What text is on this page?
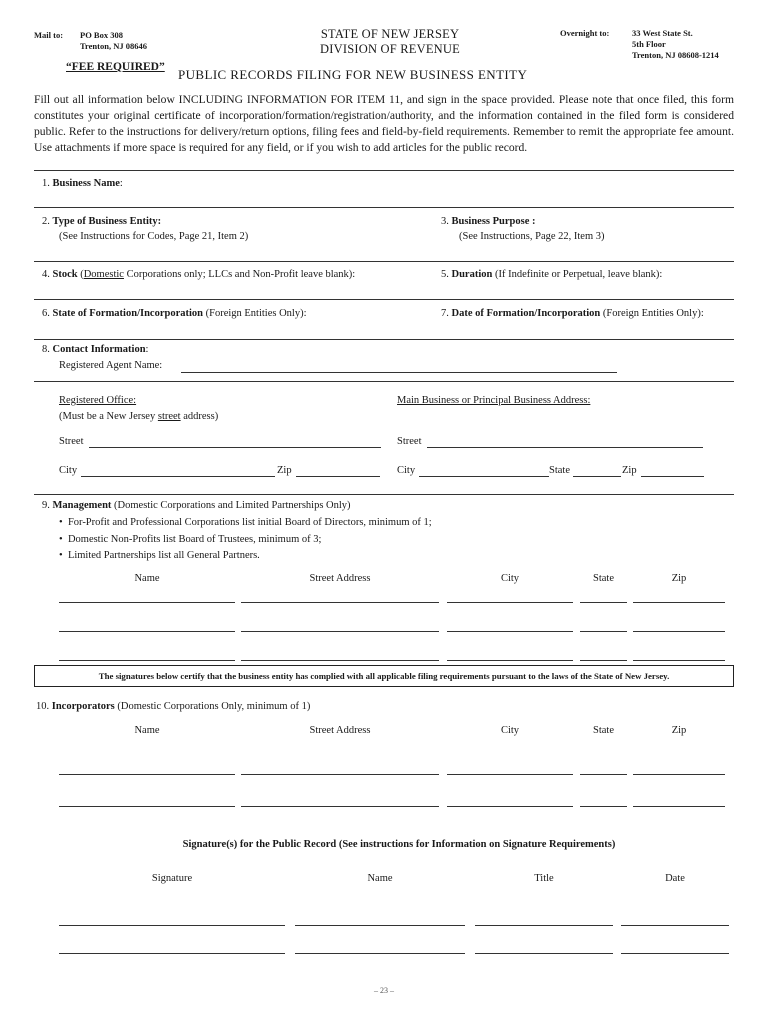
Mail to: PO Box 308
Trenton, NJ 08646
STATE OF NEW JERSEY
DIVISION OF REVENUE
Overnight to:	33 West State St.
5th Floor
Trenton, NJ 08608-1214
“FEE REQUIRED” PUBLIC RECORDS FILING FOR NEW BUSINESS ENTITY
Fill out all information below INCLUDING INFORMATION FOR ITEM 11, and sign in the space provided. Please note that once filed, this form constitutes your original certificate of incorporation/formation/registration/authority, and the information contained in the filed form is considered public. Refer to the instructions for delivery/return options, filing fees and field-by-field requirements. Remember to remit the appropriate fee amount. Use attachments if more space is required for any field, or if you wish to add articles for the public record.
1. Business Name:
2. Type of Business Entity:
(See Instructions for Codes, Page 21, Item 2)
3. Business Purpose :
(See Instructions, Page 22, Item 3)
4. Stock (Domestic Corporations only; LLCs and Non-Profit leave blank):	5. Duration (If Indefinite or Perpetual, leave blank):
6. State of Formation/Incorporation (Foreign Entities Only):	7. Date of Formation/Incorporation (Foreign Entities Only):
8. Contact Information:
Registered Agent Name:
Registered Office:
(Must be a New Jersey street address)
Street
City	Zip
Main Business or Principal Business Address:
Street
City	State	Zip
9. Management (Domestic Corporations and Limited Partnerships Only)
•  For-Profit and Professional Corporations list initial Board of Directors, minimum of 1;
•  Domestic Non-Profits list Board of Trustees, minimum of 3;
•  Limited Partnerships list all General Partners.
Name	Street Address	City	State	Zip
The signatures below certify that the business entity has complied with all applicable filing requirements pursuant to the laws of the State of New Jersey.
10. Incorporators (Domestic Corporations Only, minimum of 1)
Name	Street Address	City	State	Zip
Signature(s) for the Public Record (See instructions for Information on Signature Requirements)
Signature	Name	Title	Date
– 23 –
